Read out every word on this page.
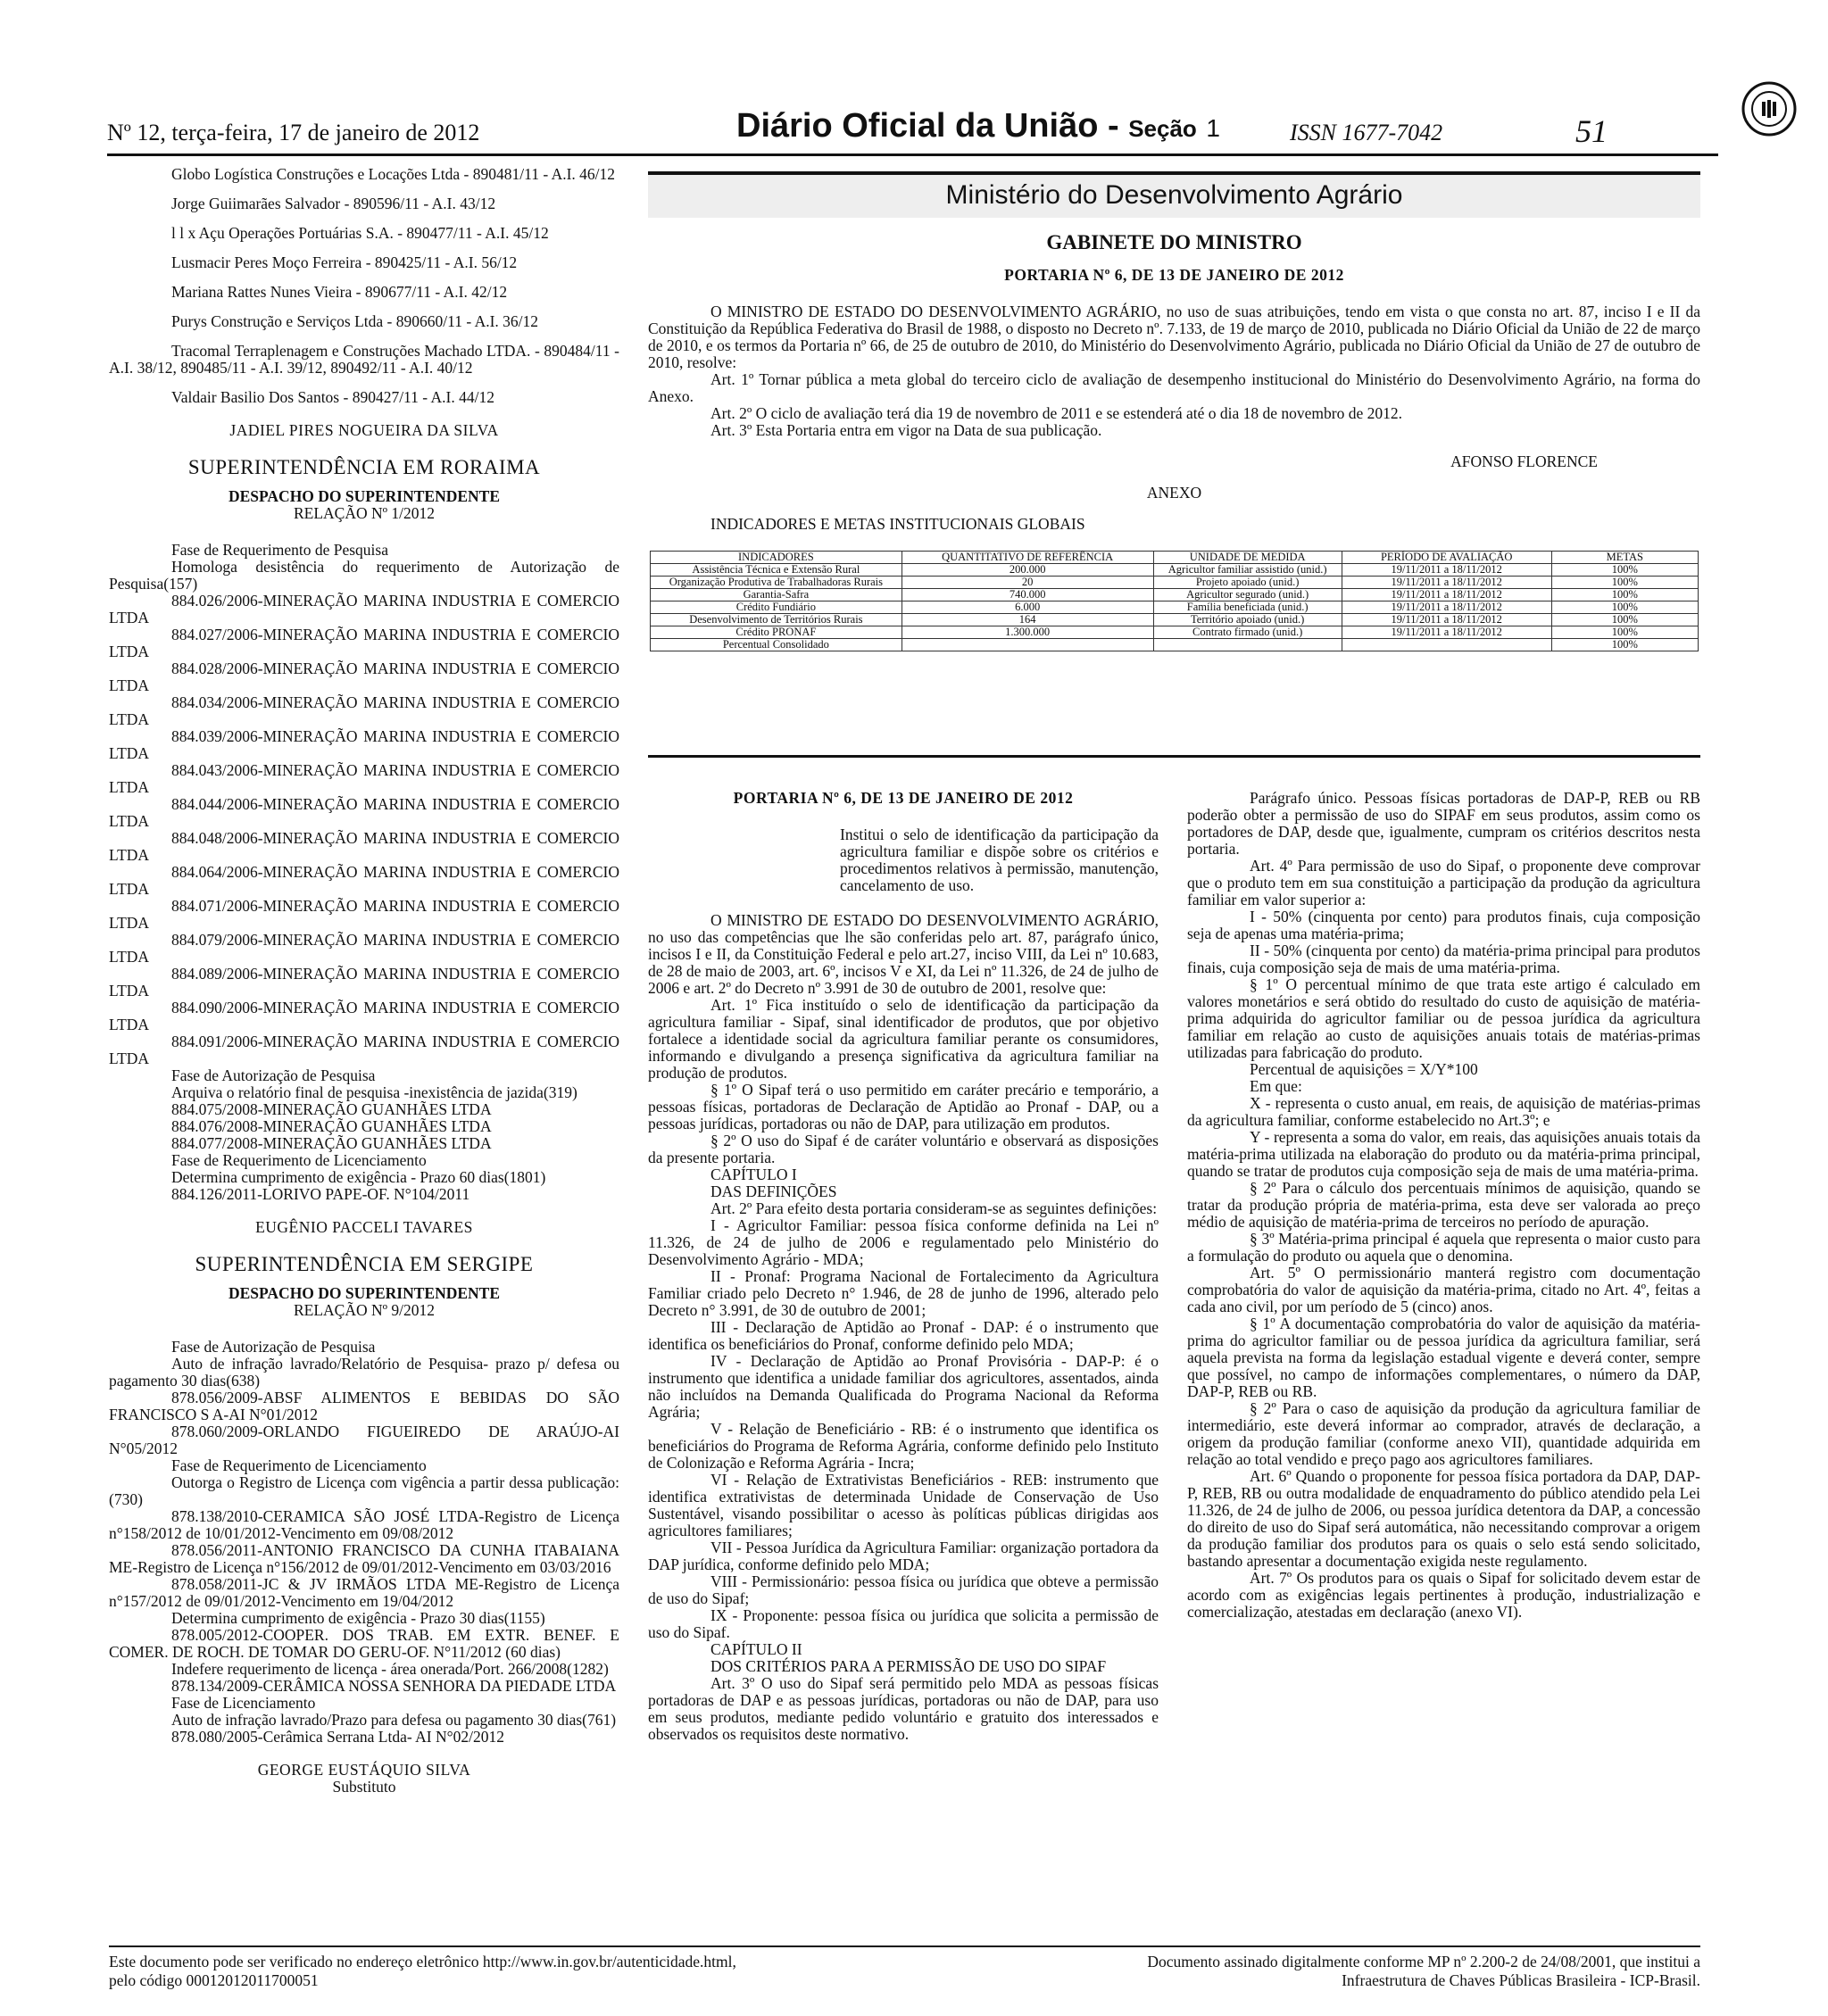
Nº 12, terça-feira, 17 de janeiro de 2012	Diário Oficial da União - Seção 1	ISSN 1677-7042	51

Globo Logística Construções e Locações Ltda - 890481/11 - A.I. 46/12

Jorge Guiimarães Salvador - 890596/11 - A.I. 43/12

l l x Açu Operações Portuárias S.A. - 890477/11 - A.I. 45/12

Lusmacir Peres Moço Ferreira - 890425/11 - A.I. 56/12

Mariana Rattes Nunes Vieira - 890677/11 - A.I. 42/12

Purys Construção e Serviços Ltda - 890660/11 - A.I. 36/12

Tracomal Terraplenagem e Construções Machado LTDA. - 890484/11 - A.I. 38/12, 890485/11 - A.I. 39/12, 890492/11 - A.I. 40/12

Valdair Basilio Dos Santos - 890427/11 - A.I. 44/12

JADIEL PIRES NOGUEIRA DA SILVA

SUPERINTENDÊNCIA EM RORAIMA

DESPACHO DO SUPERINTENDENTE

RELAÇÃO Nº 1/2012

Fase de Requerimento de Pesquisa

Homologa desistência do requerimento de Autorização de Pesquisa(157)

884.026/2006-MINERAÇÃO MARINA INDUSTRIA E COMERCIO LTDA

884.027/2006-MINERAÇÃO MARINA INDUSTRIA E COMERCIO LTDA

884.028/2006-MINERAÇÃO MARINA INDUSTRIA E COMERCIO LTDA

884.034/2006-MINERAÇÃO MARINA INDUSTRIA E COMERCIO LTDA

884.039/2006-MINERAÇÃO MARINA INDUSTRIA E COMERCIO LTDA

884.043/2006-MINERAÇÃO MARINA INDUSTRIA E COMERCIO LTDA

884.044/2006-MINERAÇÃO MARINA INDUSTRIA E COMERCIO LTDA

884.048/2006-MINERAÇÃO MARINA INDUSTRIA E COMERCIO LTDA

884.064/2006-MINERAÇÃO MARINA INDUSTRIA E COMERCIO LTDA

884.071/2006-MINERAÇÃO MARINA INDUSTRIA E COMERCIO LTDA

884.079/2006-MINERAÇÃO MARINA INDUSTRIA E COMERCIO LTDA

884.089/2006-MINERAÇÃO MARINA INDUSTRIA E COMERCIO LTDA

884.090/2006-MINERAÇÃO MARINA INDUSTRIA E COMERCIO LTDA

884.091/2006-MINERAÇÃO MARINA INDUSTRIA E COMERCIO LTDA

Fase de Autorização de Pesquisa

Arquiva o relatório final de pesquisa -inexistência de jazida(319)

884.075/2008-MINERAÇÃO GUANHÃES LTDA

884.076/2008-MINERAÇÃO GUANHÃES LTDA

884.077/2008-MINERAÇÃO GUANHÃES LTDA

Fase de Requerimento de Licenciamento

Determina cumprimento de exigência - Prazo 60 dias(1801)

884.126/2011-LORIVO PAPE-OF. N°104/2011

EUGÊNIO PACCELI TAVARES

SUPERINTENDÊNCIA EM SERGIPE

DESPACHO DO SUPERINTENDENTE

RELAÇÃO Nº 9/2012

Fase de Autorização de Pesquisa

Auto de infração lavrado/Relatório de Pesquisa- prazo p/ defesa ou pagamento 30 dias(638)

878.056/2009-ABSF ALIMENTOS E BEBIDAS DO SÃO FRANCISCO S A-AI N°01/2012

878.060/2009-ORLANDO FIGUEIREDO DE ARAÚJO-AI N°05/2012

Fase de Requerimento de Licenciamento

Outorga o Registro de Licença com vigência a partir dessa publicação:(730)

878.138/2010-CERAMICA SÃO JOSÉ LTDA-Registro de Licença n°158/2012 de 10/01/2012-Vencimento em 09/08/2012

878.056/2011-ANTONIO FRANCISCO DA CUNHA ITABAIANA ME-Registro de Licença n°156/2012 de 09/01/2012-Vencimento em 03/03/2016

878.058/2011-JC & JV IRMÃOS LTDA ME-Registro de Licença n°157/2012 de 09/01/2012-Vencimento em 19/04/2012

Determina cumprimento de exigência - Prazo 30 dias(1155)

878.005/2012-COOPER. DOS TRAB. EM EXTR. BENEF. E COMER. DE ROCH. DE TOMAR DO GERU-OF. N°11/2012 (60 dias)

Indefere requerimento de licença - área onerada/Port. 266/2008(1282)

878.134/2009-CERÂMICA NOSSA SENHORA DA PIEDADE LTDA

Fase de Licenciamento

Auto de infração lavrado/Prazo para defesa ou pagamento 30 dias(761)

878.080/2005-Cerâmica Serrana Ltda- AI N°02/2012

GEORGE EUSTÁQUIO SILVA

Substituto

Ministério do Desenvolvimento Agrário

GABINETE DO MINISTRO

PORTARIA Nº 6, DE 13 DE JANEIRO DE 2012

O MINISTRO DE ESTADO DO DESENVOLVIMENTO AGRÁRIO, no uso de suas atribuições, tendo em vista o que consta no art. 87, inciso I e II da Constituição da República Federativa do Brasil de 1988, o disposto no Decreto nº. 7.133, de 19 de março de 2010, publicada no Diário Oficial da União de 22 de março de 2010, e os termos da Portaria nº 66, de 25 de outubro de 2010, do Ministério do Desenvolvimento Agrário, publicada no Diário Oficial da União de 27 de outubro de 2010, resolve:

Art. 1º Tornar pública a meta global do terceiro ciclo de avaliação de desempenho institucional do Ministério do Desenvolvimento Agrário, na forma do Anexo.

Art. 2º O ciclo de avaliação terá dia 19 de novembro de 2011 e se estenderá até o dia 18 de novembro de 2012.

Art. 3º Esta Portaria entra em vigor na Data de sua publicação.

AFONSO FLORENCE

ANEXO

INDICADORES E METAS INSTITUCIONAIS GLOBAIS

INDICADORES	QUANTITATIVO DE REFERÊNCIA	UNIDADE DE MEDIDA	PERÍODO DE AVALIAÇÃO	METAS
Assistência Técnica e Extensão Rural	200.000	Agricultor familiar assistido (unid.)	19/11/2011 a 18/11/2012	100%
Organização Produtiva de Trabalhadoras Rurais	20	Projeto apoiado (unid.)	19/11/2011 a 18/11/2012	100%
Garantia-Safra	740.000	Agricultor segurado (unid.)	19/11/2011 a 18/11/2012	100%
Crédito Fundiário	6.000	Família beneficiada (unid.)	19/11/2011 a 18/11/2012	100%
Desenvolvimento de Territórios Rurais	164	Território apoiado (unid.)	19/11/2011 a 18/11/2012	100%
Crédito PRONAF	1.300.000	Contrato firmado (unid.)	19/11/2011 a 18/11/2012	100%
Percentual Consolidado				100%

PORTARIA Nº 6, DE 13 DE JANEIRO DE 2012

Institui o selo de identificação da participação da agricultura familiar e dispõe sobre os critérios e procedimentos relativos à permissão, manutenção, cancelamento de uso.

O MINISTRO DE ESTADO DO DESENVOLVIMENTO AGRÁRIO, no uso das competências que lhe são conferidas pelo art. 87, parágrafo único, incisos I e II, da Constituição Federal e pelo art.27, inciso VIII, da Lei nº 10.683, de 28 de maio de 2003, art. 6º, incisos V e XI, da Lei nº 11.326, de 24 de julho de 2006 e art. 2º do Decreto nº 3.991 de 30 de outubro de 2001, resolve que:

Art. 1º Fica instituído o selo de identificação da participação da agricultura familiar - Sipaf, sinal identificador de produtos, que por objetivo fortalece a identidade social da agricultura familiar perante os consumidores, informando e divulgando a presença significativa da agricultura familiar na produção de produtos.

§ 1º O Sipaf terá o uso permitido em caráter precário e temporário, a pessoas físicas, portadoras de Declaração de Aptidão ao Pronaf - DAP, ou a pessoas jurídicas, portadoras ou não de DAP, para utilização em produtos.

§ 2º O uso do Sipaf é de caráter voluntário e observará as disposições da presente portaria.

CAPÍTULO I

DAS DEFINIÇÕES

Art. 2º Para efeito desta portaria consideram-se as seguintes definições:

I - Agricultor Familiar: pessoa física conforme definida na Lei nº 11.326, de 24 de julho de 2006 e regulamentado pelo Ministério do Desenvolvimento Agrário - MDA;

II - Pronaf: Programa Nacional de Fortalecimento da Agricultura Familiar criado pelo Decreto n° 1.946, de 28 de junho de 1996, alterado pelo Decreto n° 3.991, de 30 de outubro de 2001;

III - Declaração de Aptidão ao Pronaf - DAP: é o instrumento que identifica os beneficiários do Pronaf, conforme definido pelo MDA;

IV - Declaração de Aptidão ao Pronaf Provisória - DAP-P: é o instrumento que identifica a unidade familiar dos agricultores, assentados, ainda não incluídos na Demanda Qualificada do Programa Nacional da Reforma Agrária;

V - Relação de Beneficiário - RB: é o instrumento que identifica os beneficiários do Programa de Reforma Agrária, conforme definido pelo Instituto de Colonização e Reforma Agrária - Incra;

VI - Relação de Extrativistas Beneficiários - REB: instrumento que identifica extrativistas de determinada Unidade de Conservação de Uso Sustentável, visando possibilitar o acesso às políticas públicas dirigidas aos agricultores familiares;

VII - Pessoa Jurídica da Agricultura Familiar: organização portadora da DAP jurídica, conforme definido pelo MDA;

VIII - Permissionário: pessoa física ou jurídica que obteve a permissão de uso do Sipaf;

IX - Proponente: pessoa física ou jurídica que solicita a permissão de uso do Sipaf.

CAPÍTULO II

DOS CRITÉRIOS PARA A PERMISSÃO DE USO DO SIPAF

Art. 3º O uso do Sipaf será permitido pelo MDA as pessoas físicas portadoras de DAP e as pessoas jurídicas, portadoras ou não de DAP, para uso em seus produtos, mediante pedido voluntário e gratuito dos interessados e observados os requisitos deste normativo.

Parágrafo único. Pessoas físicas portadoras de DAP-P, REB ou RB poderão obter a permissão de uso do SIPAF em seus produtos, assim como os portadores de DAP, desde que, igualmente, cumpram os critérios descritos nesta portaria.

Art. 4º Para permissão de uso do Sipaf, o proponente deve comprovar que o produto tem em sua constituição a participação da produção da agricultura familiar em valor superior a:

I - 50% (cinquenta por cento) para produtos finais, cuja composição seja de apenas uma matéria-prima;

II - 50% (cinquenta por cento) da matéria-prima principal para produtos finais, cuja composição seja de mais de uma matéria-prima.

§ 1º O percentual mínimo de que trata este artigo é calculado em valores monetários e será obtido do resultado do custo de aquisição de matéria-prima adquirida do agricultor familiar ou de pessoa jurídica da agricultura familiar em relação ao custo de aquisições anuais totais de matérias-primas utilizadas para fabricação do produto.

Percentual de aquisições = X/Y*100

Em que:

X - representa o custo anual, em reais, de aquisição de matérias-primas da agricultura familiar, conforme estabelecido no Art.3º; e

Y - representa a soma do valor, em reais, das aquisições anuais totais da matéria-prima utilizada na elaboração do produto ou da matéria-prima principal, quando se tratar de produtos cuja composição seja de mais de uma matéria-prima.

§ 2º Para o cálculo dos percentuais mínimos de aquisição, quando se tratar da produção própria de matéria-prima, esta deve ser valorada ao preço médio de aquisição de matéria-prima de terceiros no período de apuração.

§ 3º Matéria-prima principal é aquela que representa o maior custo para a formulação do produto ou aquela que o denomina.

Art. 5º O permissionário manterá registro com documentação comprobatória do valor de aquisição da matéria-prima, citado no Art. 4º, feitas a cada ano civil, por um período de 5 (cinco) anos.

§ 1º A documentação comprobatória do valor de aquisição da matéria-prima do agricultor familiar ou de pessoa jurídica da agricultura familiar, será aquela prevista na forma da legislação estadual vigente e deverá conter, sempre que possível, no campo de informações complementares, o número da DAP, DAP-P, REB ou RB.

§ 2º Para o caso de aquisição da produção da agricultura familiar de intermediário, este deverá informar ao comprador, através de declaração, a origem da produção familiar (conforme anexo VII), quantidade adquirida em relação ao total vendido e preço pago aos agricultores familiares.

Art. 6º Quando o proponente for pessoa física portadora da DAP, DAP-P, REB, RB ou outra modalidade de enquadramento do público atendido pela Lei 11.326, de 24 de julho de 2006, ou pessoa jurídica detentora da DAP, a concessão do direito de uso do Sipaf será automática, não necessitando comprovar a origem da produção familiar dos produtos para os quais o selo está sendo solicitado, bastando apresentar a documentação exigida neste regulamento.

Art. 7º Os produtos para os quais o Sipaf for solicitado devem estar de acordo com as exigências legais pertinentes à produção, industrialização e comercialização, atestadas em declaração (anexo VI).

Este documento pode ser verificado no endereço eletrônico http://www.in.gov.br/autenticidade.html,
pelo código 00012012011700051
Documento assinado digitalmente conforme MP nº 2.200-2 de 24/08/2001, que institui a
Infraestrutura de Chaves Públicas Brasileira - ICP-Brasil.
